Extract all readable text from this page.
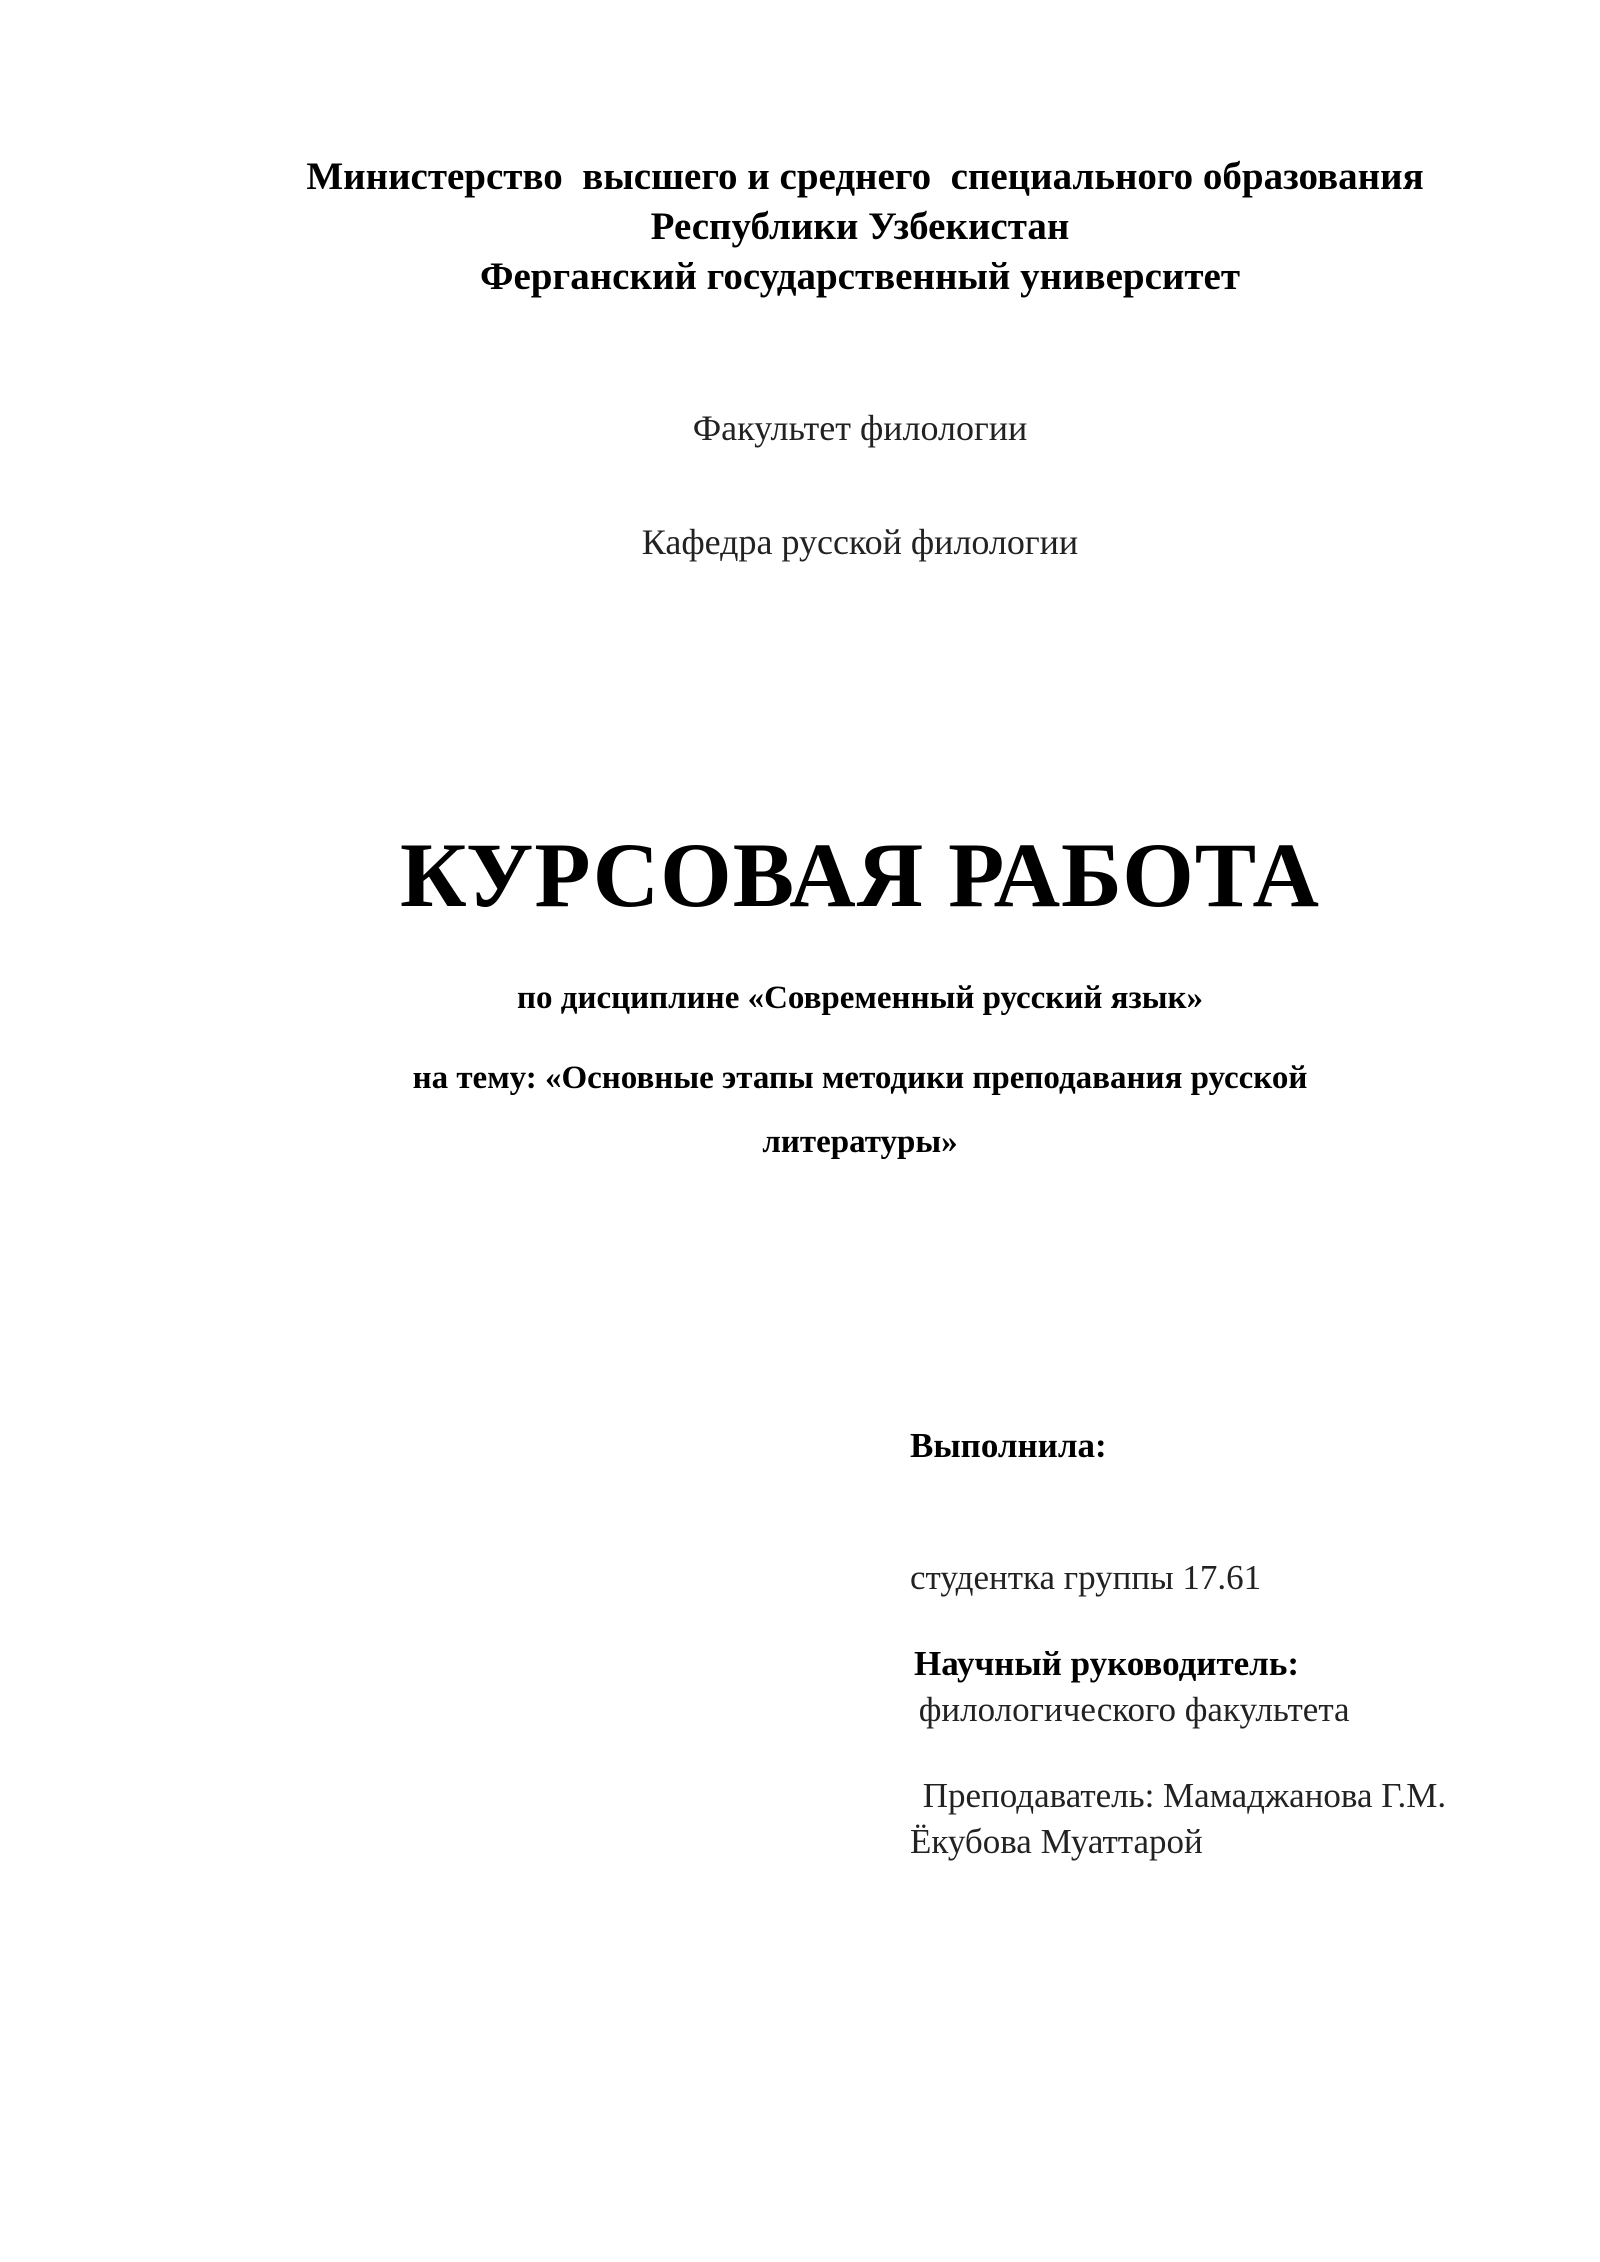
Министерство  высшего и среднего  специального образования
Республики Узбекистан
Ферганский государственный университет
Факультет филологии
Кафедра русской филологии
КУРСОВАЯ РАБОТА
по дисциплине «Современный русский язык»
на тему: «Основные этапы методики преподавания русской
литературы»

Выполнила:

студентка группы 17.61

филологического факультета

Ёкубова Муаттарой

Научный руководитель:

Преподаватель: Мамаджанова Г.М.
